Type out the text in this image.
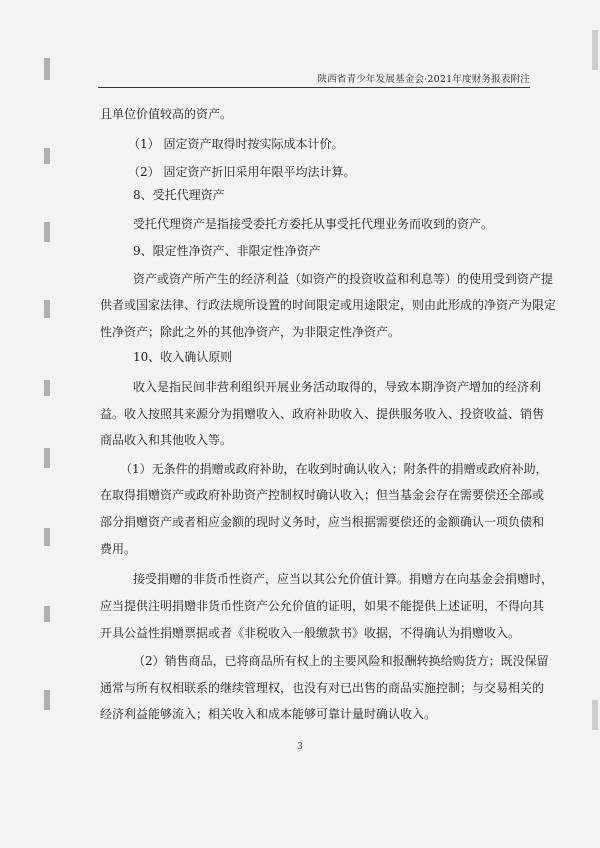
陕西省青少年发展基金会·2021年度财务报表附注
且单位价值较高的资产。
（1） 固定资产取得时按实际成本计价。
（2） 固定资产折旧采用年限平均法计算。
8、受托代理资产
受托代理资产是指接受委托方委托从事受托代理业务而收到的资产。
9、限定性净资产、非限定性净资产
资产或资产所产生的经济利益（如资产的投资收益和利息等）的使用受到资产提
供者或国家法律、行政法规所设置的时间限定或用途限定，则由此形成的净资产为限定
性净资产；除此之外的其他净资产，为非限定性净资产。
10、收入确认原则
收入是指民间非营利组织开展业务活动取得的，导致本期净资产增加的经济利
益。收入按照其来源分为捐赠收入、政府补助收入、提供服务收入、投资收益、销售
商品收入和其他收入等。
（1）无条件的捐赠或政府补助，在收到时确认收入；附条件的捐赠或政府补助，
在取得捐赠资产或政府补助资产控制权时确认收入；但当基金会存在需要偿还全部或
部分捐赠资产或者相应金额的现时义务时，应当根据需要偿还的金额确认一项负债和
费用。
接受捐赠的非货币性资产，应当以其公允价值计算。捐赠方在向基金会捐赠时，
应当提供注明捐赠非货币性资产公允价值的证明，如果不能提供上述证明，不得向其
开具公益性捐赠票据或者《非税收入一般缴款书》收据，不得确认为捐赠收入。
（2）销售商品，已将商品所有权上的主要风险和报酬转换给购货方；既没保留
通常与所有权相联系的继续管理权，也没有对已出售的商品实施控制；与交易相关的
经济利益能够流入；相关收入和成本能够可靠计量时确认收入。
3
